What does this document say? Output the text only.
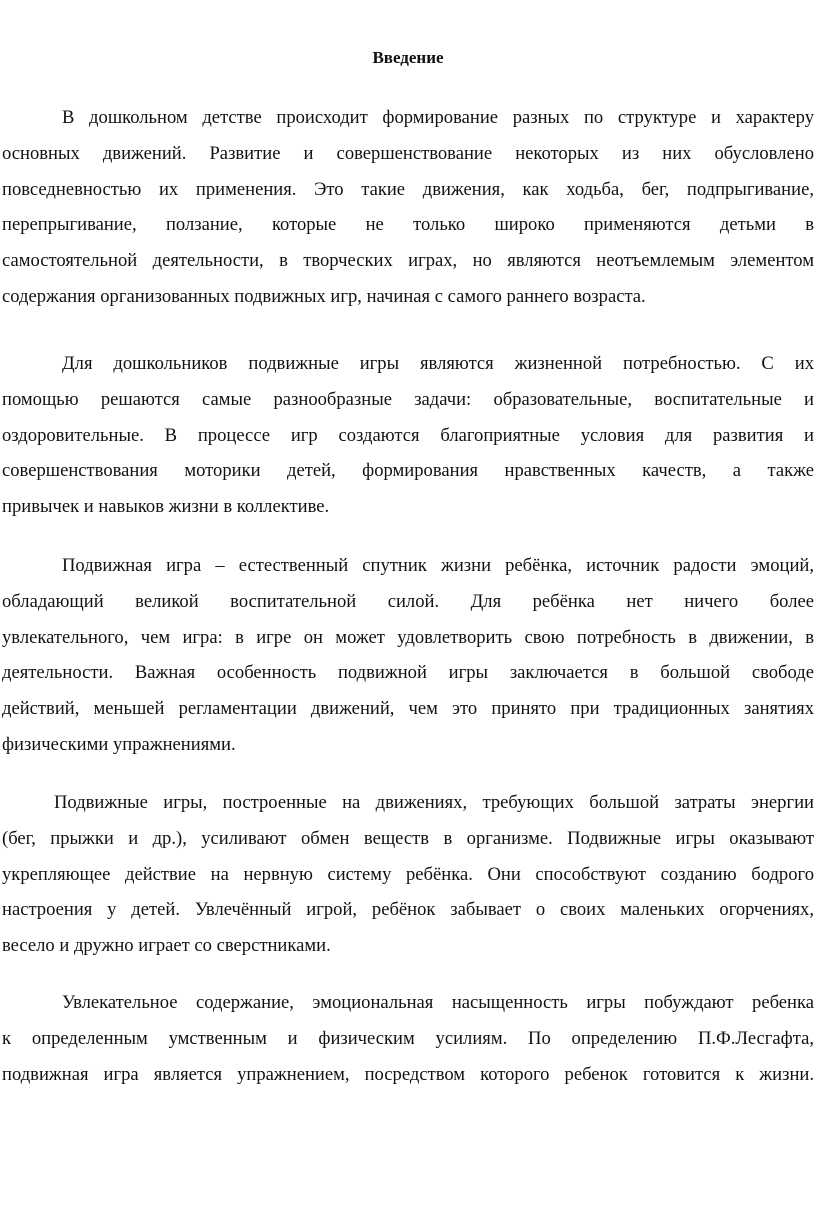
Введение

В дошкольном детстве происходит формирование разных по структуре и характеру
основных движений. Развитие и совершенствование некоторых из них обусловлено
повседневностью их применения. Это такие движения, как ходьба, бег, подпрыгивание,
перепрыгивание, ползание, которые не только широко применяются детьми в
самостоятельной деятельности, в творческих играх, но являются неотъемлемым элементом
содержания организованных подвижных игр, начиная с самого раннего возраста.

Для дошкольников подвижные игры являются жизненной потребностью. С их
помощью решаются самые разнообразные задачи: образовательные, воспитательные и
оздоровительные. В процессе игр создаются благоприятные условия для развития и
совершенствования моторики детей, формирования нравственных качеств, а также
привычек и навыков жизни в коллективе.

Подвижная игра – естественный спутник жизни ребёнка, источник радости эмоций,
обладающий великой воспитательной силой. Для ребёнка нет ничего более
увлекательного, чем игра: в игре он может удовлетворить свою потребность в движении, в
деятельности. Важная особенность подвижной игры заключается в большой свободе
действий, меньшей регламентации движений, чем это принято при традиционных занятиях
физическими упражнениями.

Подвижные игры, построенные на движениях, требующих большой затраты энергии
(бег, прыжки и др.), усиливают обмен веществ в организме. Подвижные игры оказывают
укрепляющее действие на нервную систему ребёнка. Они способствуют созданию бодрого
настроения у детей. Увлечённый игрой, ребёнок забывает о своих маленьких огорчениях,
весело и дружно играет со сверстниками.

Увлекательное содержание, эмоциональная насыщенность игры побуждают ребенка
к определенным умственным и физическим усилиям. По определению П.Ф.Лесгафта,
подвижная игра является упражнением, посредством которого ребенок готовится к жизни.
